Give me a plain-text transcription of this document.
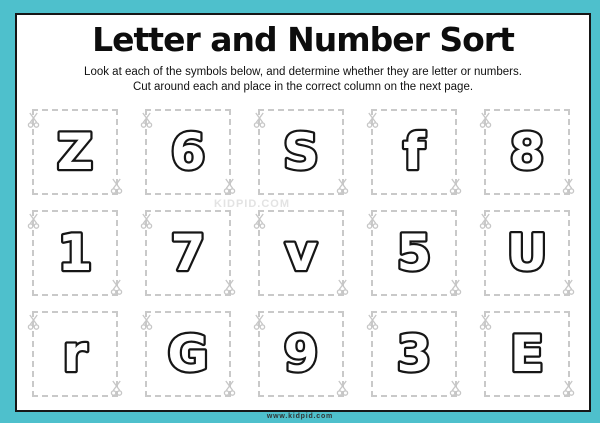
Letter and Number Sort
Look at each of the symbols below, and determine whether they are letter or numbers.
Cut around each and place in the correct column on the next page.
Z 6 S f 8
1 7 v 5 U
r G 9 3 E
KIDPID.COM
www.kidpid.com
